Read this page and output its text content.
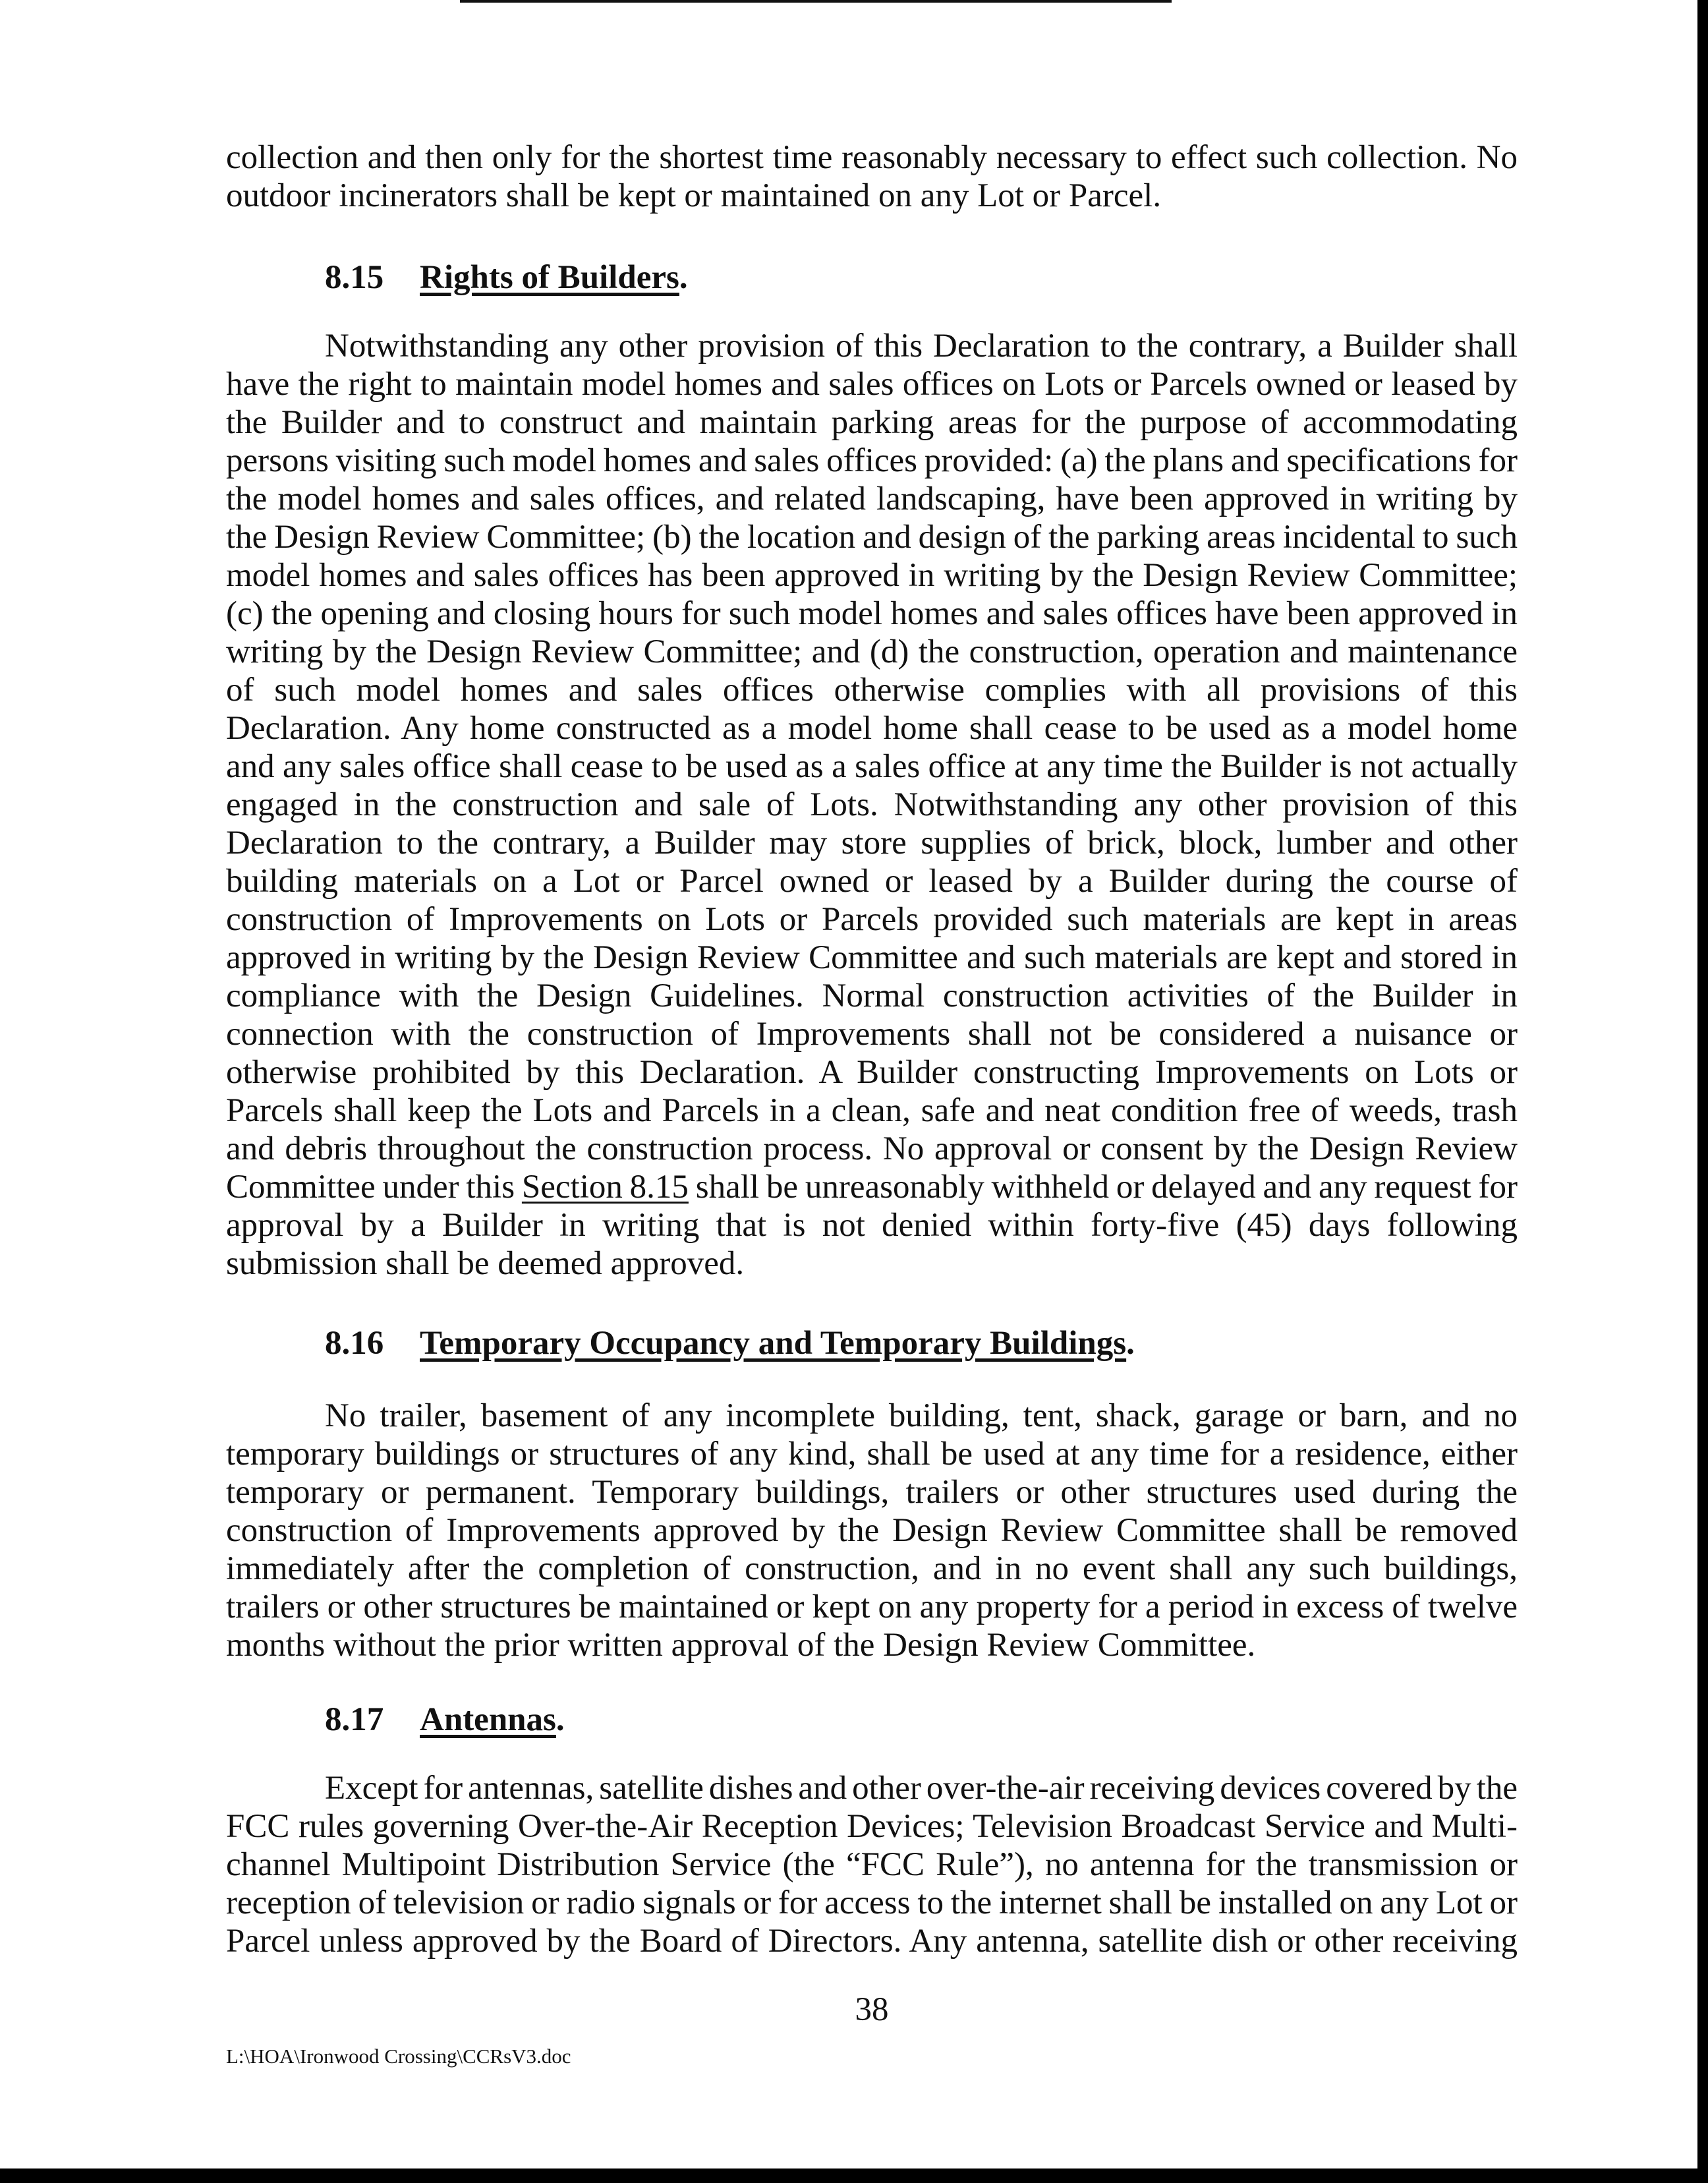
collection and then only for the shortest time reasonably necessary to effect such collection. No
outdoor incinerators shall be kept or maintained on any Lot or Parcel.
8.15 Rights of Builders.
Notwithstanding any other provision of this Declaration to the contrary, a Builder shall
have the right to maintain model homes and sales offices on Lots or Parcels owned or leased by
the Builder and to construct and maintain parking areas for the purpose of accommodating
persons visiting such model homes and sales offices provided: (a) the plans and specifications for
the model homes and sales offices, and related landscaping, have been approved in writing by
the Design Review Committee; (b) the location and design of the parking areas incidental to such
model homes and sales offices has been approved in writing by the Design Review Committee;
(c) the opening and closing hours for such model homes and sales offices have been approved in
writing by the Design Review Committee; and (d) the construction, operation and maintenance
of such model homes and sales offices otherwise complies with all provisions of this
Declaration. Any home constructed as a model home shall cease to be used as a model home
and any sales office shall cease to be used as a sales office at any time the Builder is not actually
engaged in the construction and sale of Lots. Notwithstanding any other provision of this
Declaration to the contrary, a Builder may store supplies of brick, block, lumber and other
building materials on a Lot or Parcel owned or leased by a Builder during the course of
construction of Improvements on Lots or Parcels provided such materials are kept in areas
approved in writing by the Design Review Committee and such materials are kept and stored in
compliance with the Design Guidelines. Normal construction activities of the Builder in
connection with the construction of Improvements shall not be considered a nuisance or
otherwise prohibited by this Declaration. A Builder constructing Improvements on Lots or
Parcels shall keep the Lots and Parcels in a clean, safe and neat condition free of weeds, trash
and debris throughout the construction process. No approval or consent by the Design Review
Committee under this Section 8.15 shall be unreasonably withheld or delayed and any request for
approval by a Builder in writing that is not denied within forty-five (45) days following
submission shall be deemed approved.
8.16 Temporary Occupancy and Temporary Buildings.
No trailer, basement of any incomplete building, tent, shack, garage or barn, and no
temporary buildings or structures of any kind, shall be used at any time for a residence, either
temporary or permanent. Temporary buildings, trailers or other structures used during the
construction of Improvements approved by the Design Review Committee shall be removed
immediately after the completion of construction, and in no event shall any such buildings,
trailers or other structures be maintained or kept on any property for a period in excess of twelve
months without the prior written approval of the Design Review Committee.
8.17 Antennas.
Except for antennas, satellite dishes and other over-the-air receiving devices covered by the
FCC rules governing Over-the-Air Reception Devices; Television Broadcast Service and Multi-
channel Multipoint Distribution Service (the “FCC Rule”), no antenna for the transmission or
reception of television or radio signals or for access to the internet shall be installed on any Lot or
Parcel unless approved by the Board of Directors. Any antenna, satellite dish or other receiving
38
L:\HOA\Ironwood Crossing\CCRsV3.doc
